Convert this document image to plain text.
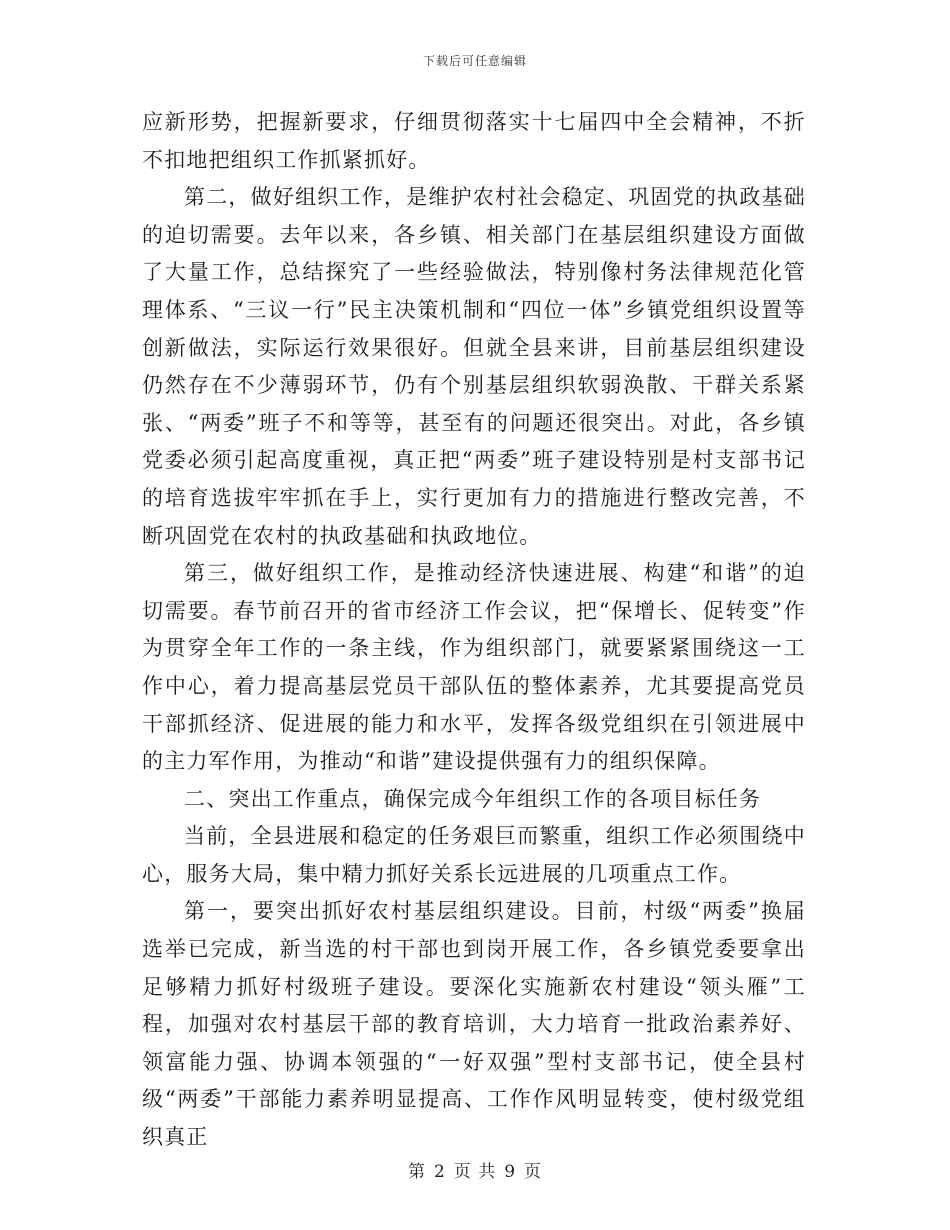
下载后可任意编辑

应新形势，把握新要求，仔细贯彻落实十七届四中全会精神，不折不扣地把组织工作抓紧抓好。

第二，做好组织工作，是维护农村社会稳定、巩固党的执政基础的迫切需要。去年以来，各乡镇、相关部门在基层组织建设方面做了大量工作，总结探究了一些经验做法，特别像村务法律规范化管理体系、“三议一行”民主决策机制和“四位一体”乡镇党组织设置等创新做法，实际运行效果很好。但就全县来讲，目前基层组织建设仍然存在不少薄弱环节，仍有个别基层组织软弱涣散、干群关系紧张、“两委”班子不和等等，甚至有的问题还很突出。对此，各乡镇党委必须引起高度重视，真正把“两委”班子建设特别是村支部书记的培育选拔牢牢抓在手上，实行更加有力的措施进行整改完善，不断巩固党在农村的执政基础和执政地位。

第三，做好组织工作，是推动经济快速进展、构建“和谐”的迫切需要。春节前召开的省市经济工作会议，把“保增长、促转变”作为贯穿全年工作的一条主线，作为组织部门，就要紧紧围绕这一工作中心，着力提高基层党员干部队伍的整体素养，尤其要提高党员干部抓经济、促进展的能力和水平，发挥各级党组织在引领进展中的主力军作用，为推动“和谐”建设提供强有力的组织保障。

二、突出工作重点，确保完成今年组织工作的各项目标任务

当前，全县进展和稳定的任务艰巨而繁重，组织工作必须围绕中心，服务大局，集中精力抓好关系长远进展的几项重点工作。

第一，要突出抓好农村基层组织建设。目前，村级“两委”换届选举已完成，新当选的村干部也到岗开展工作，各乡镇党委要拿出足够精力抓好村级班子建设。要深化实施新农村建设“领头雁”工程，加强对农村基层干部的教育培训，大力培育一批政治素养好、领富能力强、协调本领强的“一好双强”型村支部书记，使全县村级“两委”干部能力素养明显提高、工作作风明显转变，使村级党组织真正

第 2 页 共 9 页
